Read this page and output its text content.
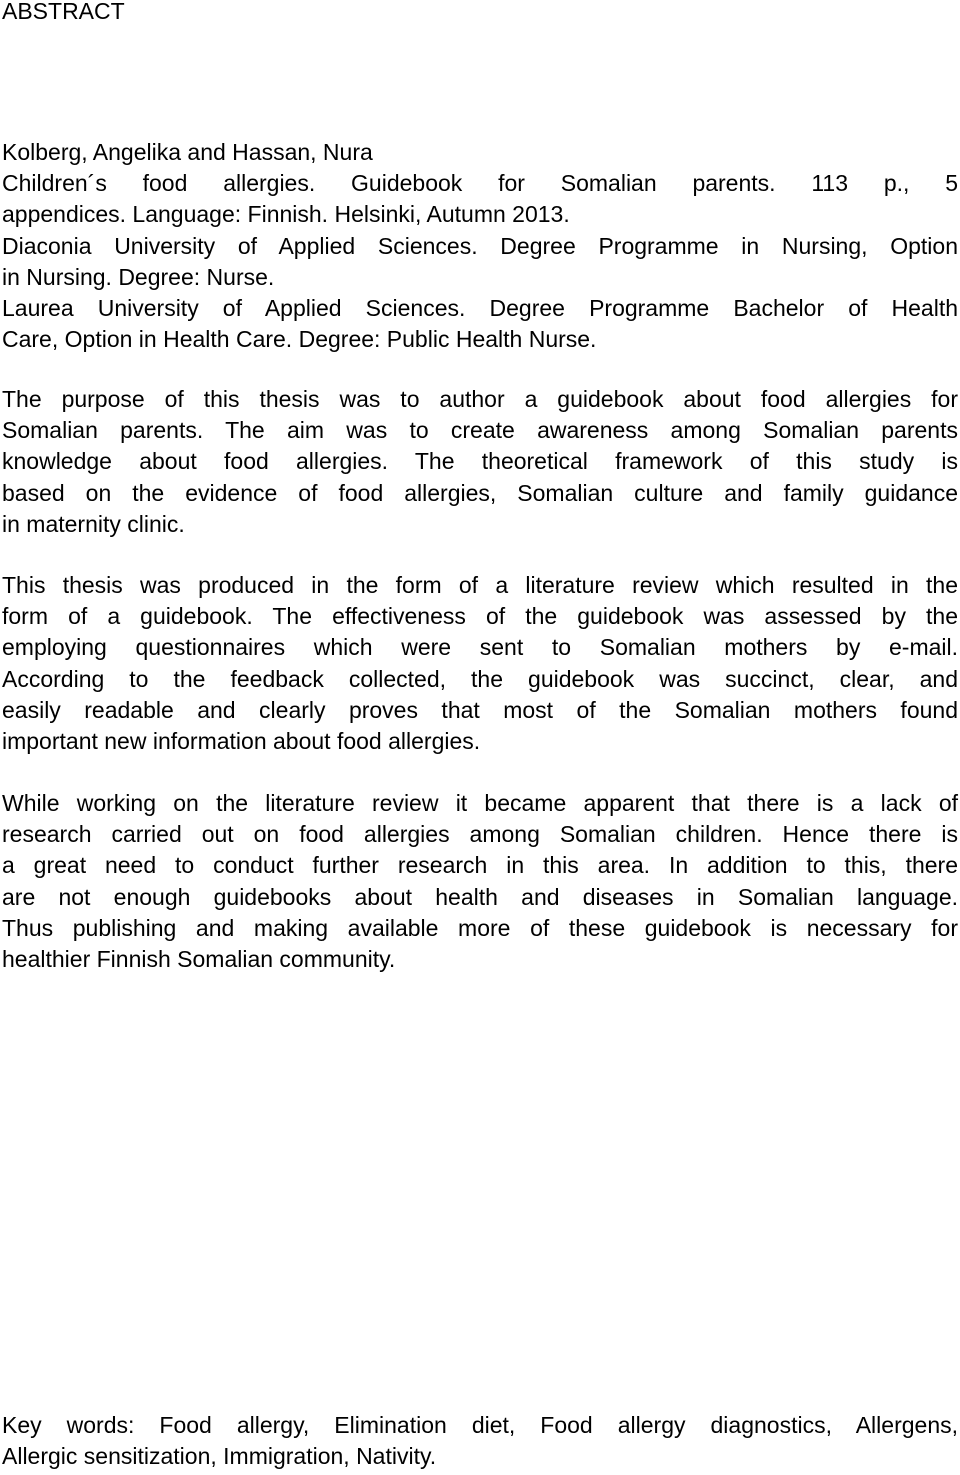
ABSTRACT
Kolberg, Angelika and Hassan, Nura
Children´s food allergies. Guidebook for Somalian parents. 113 p., 5
appendices. Language: Finnish. Helsinki, Autumn 2013.
Diaconia University of Applied Sciences. Degree Programme in Nursing, Option
in Nursing. Degree: Nurse.
Laurea University of Applied Sciences. Degree Programme Bachelor of Health
Care, Option in Health Care. Degree: Public Health Nurse.
The purpose of this thesis was to author a guidebook about food allergies for
Somalian parents. The aim was to create awareness among Somalian parents
knowledge about food allergies. The theoretical framework of this study is
based on the evidence of food allergies, Somalian culture and family guidance
in maternity clinic.
This thesis was produced in the form of a literature review which resulted in the
form of a guidebook. The effectiveness of the guidebook was assessed by the
employing questionnaires which were sent to Somalian mothers by e-mail.
According to the feedback collected, the guidebook was succinct, clear, and
easily readable and clearly proves that most of the Somalian mothers found
important new information about food allergies.
While working on the literature review it became apparent that there is a lack of
research carried out on food allergies among Somalian children. Hence there is
a great need to conduct further research in this area. In addition to this, there
are not enough guidebooks about health and diseases in Somalian language.
Thus publishing and making available more of these guidebook is necessary for
healthier Finnish Somalian community.
Key words: Food allergy, Elimination diet, Food allergy diagnostics, Allergens,
Allergic sensitization, Immigration, Nativity.
